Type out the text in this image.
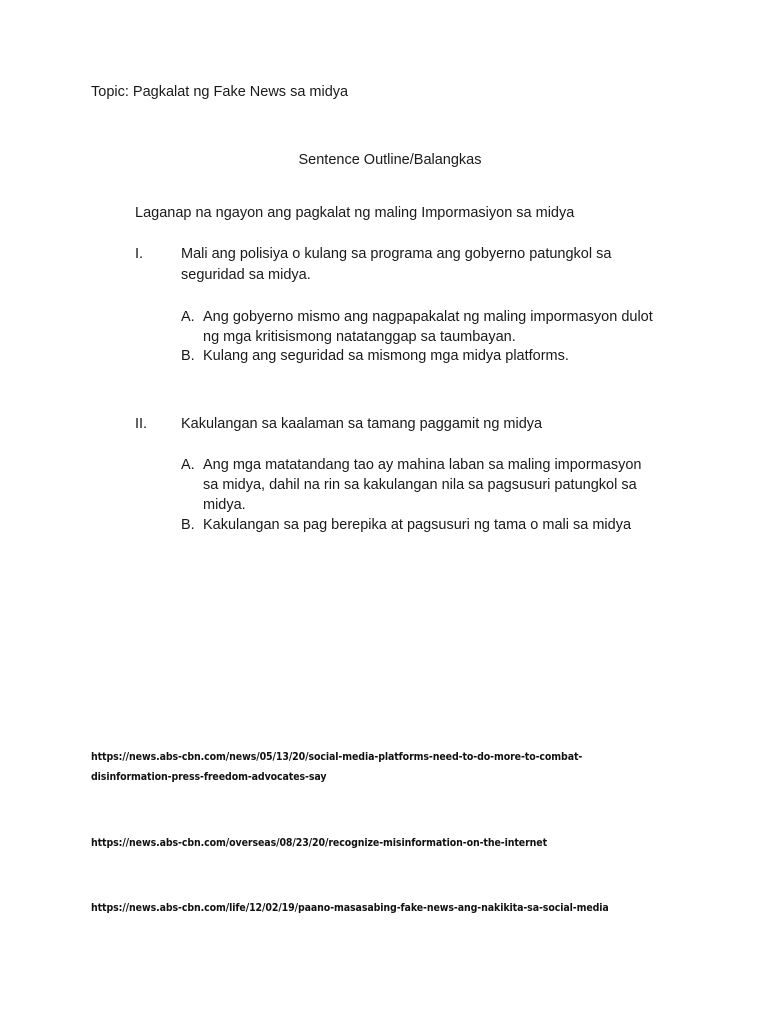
Topic: Pagkalat ng Fake News sa midya
Sentence Outline/Balangkas
Laganap na ngayon ang pagkalat ng maling Impormasiyon sa midya
I.	Mali ang polisiya o kulang sa programa ang gobyerno patungkol sa
seguridad sa midya.
A. Ang gobyerno mismo ang nagpapakalat ng maling impormasyon dulot
ng mga kritisismong natatanggap sa taumbayan.
B. Kulang ang seguridad sa mismong mga midya platforms.
II. Kakulangan sa kaalaman sa tamang paggamit ng midya
A. Ang mga matatandang tao ay mahina laban sa maling impormasyon
sa midya, dahil na rin sa kakulangan nila sa pagsusuri patungkol sa
midya.
B. Kakulangan sa pag berepika at pagsusuri ng tama o mali sa midya
https://news.abs-cbn.com/news/05/13/20/social-media-platforms-need-to-do-more-to-combat-
disinformation-press-freedom-advocates-say
https://news.abs-cbn.com/overseas/08/23/20/recognize-misinformation-on-the-internet
https://news.abs-cbn.com/life/12/02/19/paano-masasabing-fake-news-ang-nakikita-sa-social-media
